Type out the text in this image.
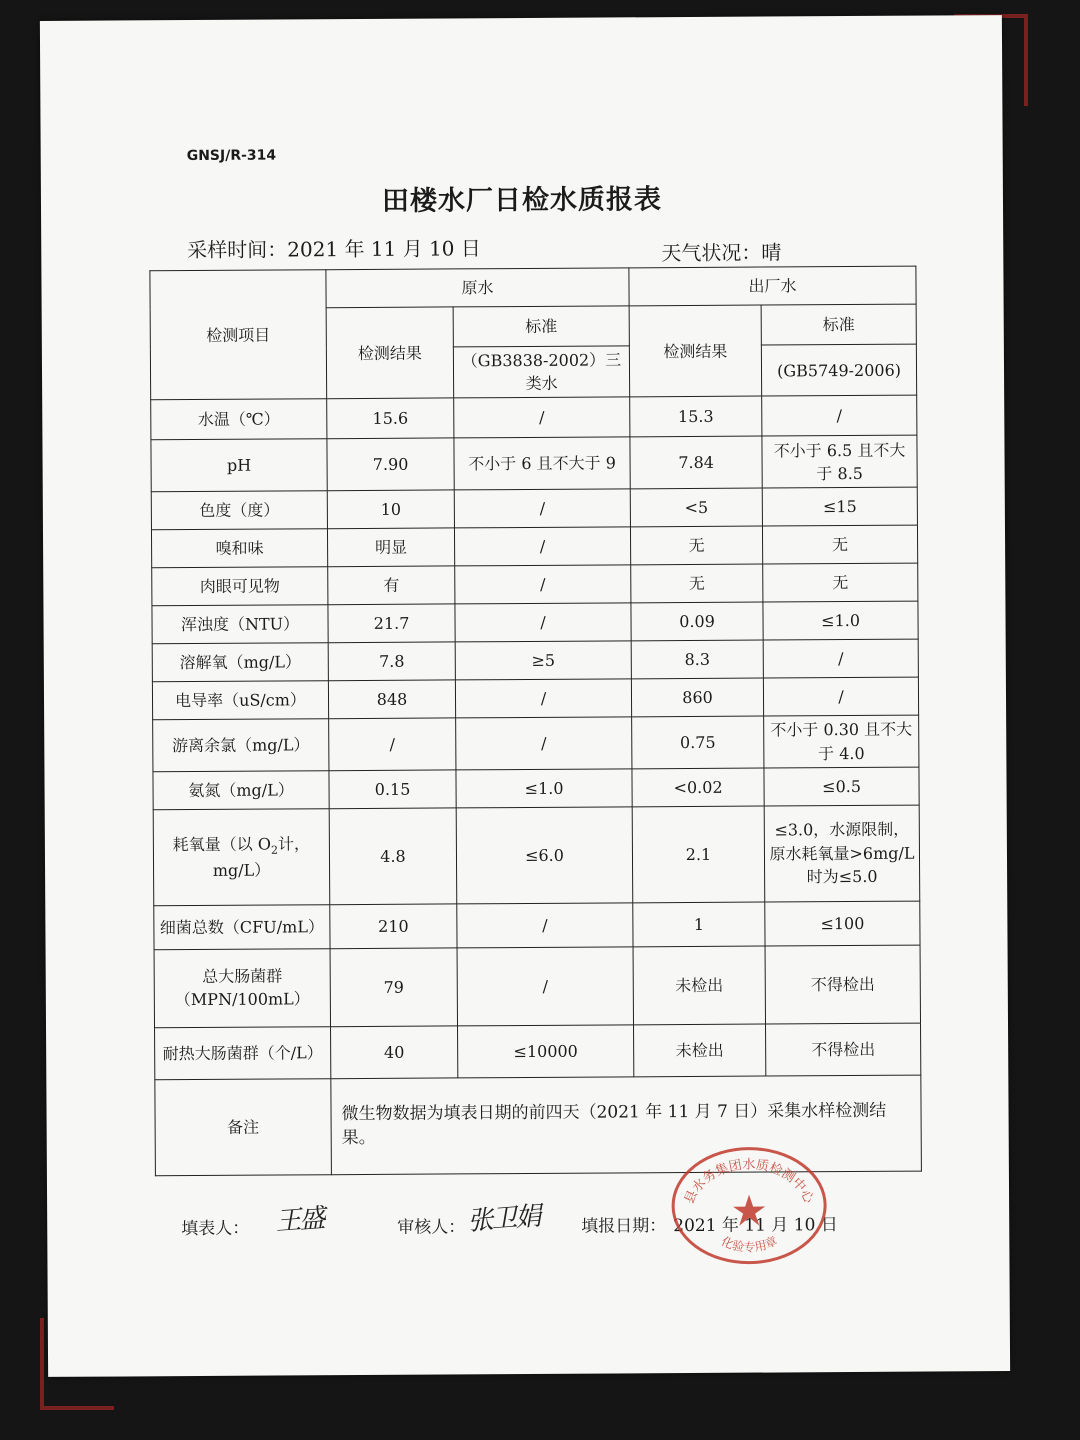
GNSJ/R-314
田楼水厂日检水质报表
采样时间：2021 年 11 月 10 日	天气状况：晴
检测项目	原水		出厂水	
	检测结果	标准	检测结果	标准
		（GB3838-2002）三类水		(GB5749-2006)
水温（℃）	15.6	/	15.3	/
pH	7.90	不小于 6 且不大于 9	7.84	不小于 6.5 且不大于 8.5
色度（度）	10	/	<5	≤15
嗅和味	明显	/	无	无
肉眼可见物	有	/	无	无
浑浊度（NTU）	21.7	/	0.09	≤1.0
溶解氧（mg/L）	7.8	≥5	8.3	/
电导率（uS/cm）	848	/	860	/
游离余氯（mg/L）	/	/	0.75	不小于 0.30 且不大于 4.0
氨氮（mg/L）	0.15	≤1.0	<0.02	≤0.5
耗氧量（以 $O_2$计，mg/L）	4.8	≤6.0	2.1	≤3.0，水源限制，原水耗氧量>6mg/L 时为≤5.0
细菌总数（CFU/mL）	210	/	1	≤100
总大肠菌群（MPN/100mL）	79	/	未检出	不得检出
耐热大肠菌群（个/L）	40	≤10000	未检出	不得检出
备注	微生物数据为填表日期的前四天（2021 年 11 月 7 日）采集水样检测结果。			
填表人： 王盛	审核人： 张卫娟 填报日期： 2021 年 11 月 10 日
县水务集团水质检测中心
化验专用章
